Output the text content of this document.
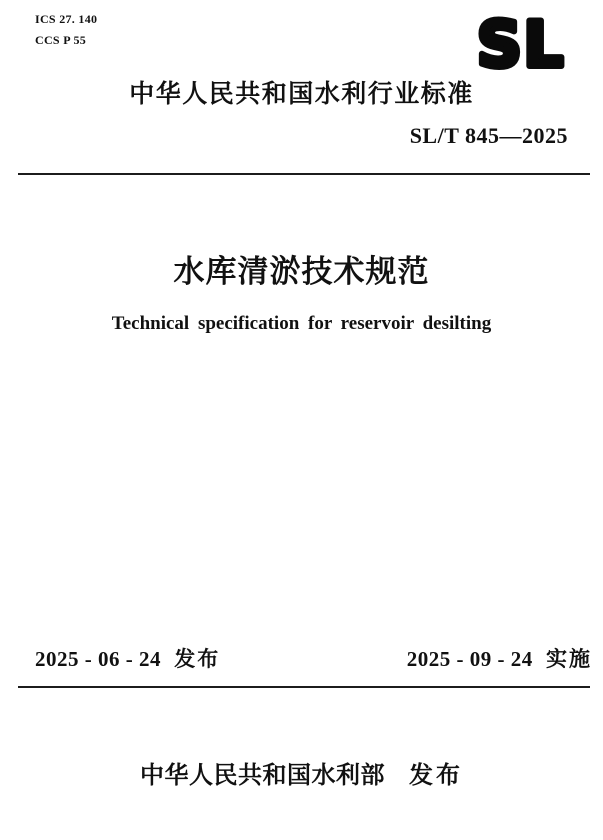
ICS 27. 140
CCS P 55	SL
中华人民共和国水利行业标准
SL/T 845—2025
水库清淤技术规范
Technical specification for reservoir desilting
2025 - 06 - 24 发布	2025 - 09 - 24 实施
中华人民共和国水利部 发布
